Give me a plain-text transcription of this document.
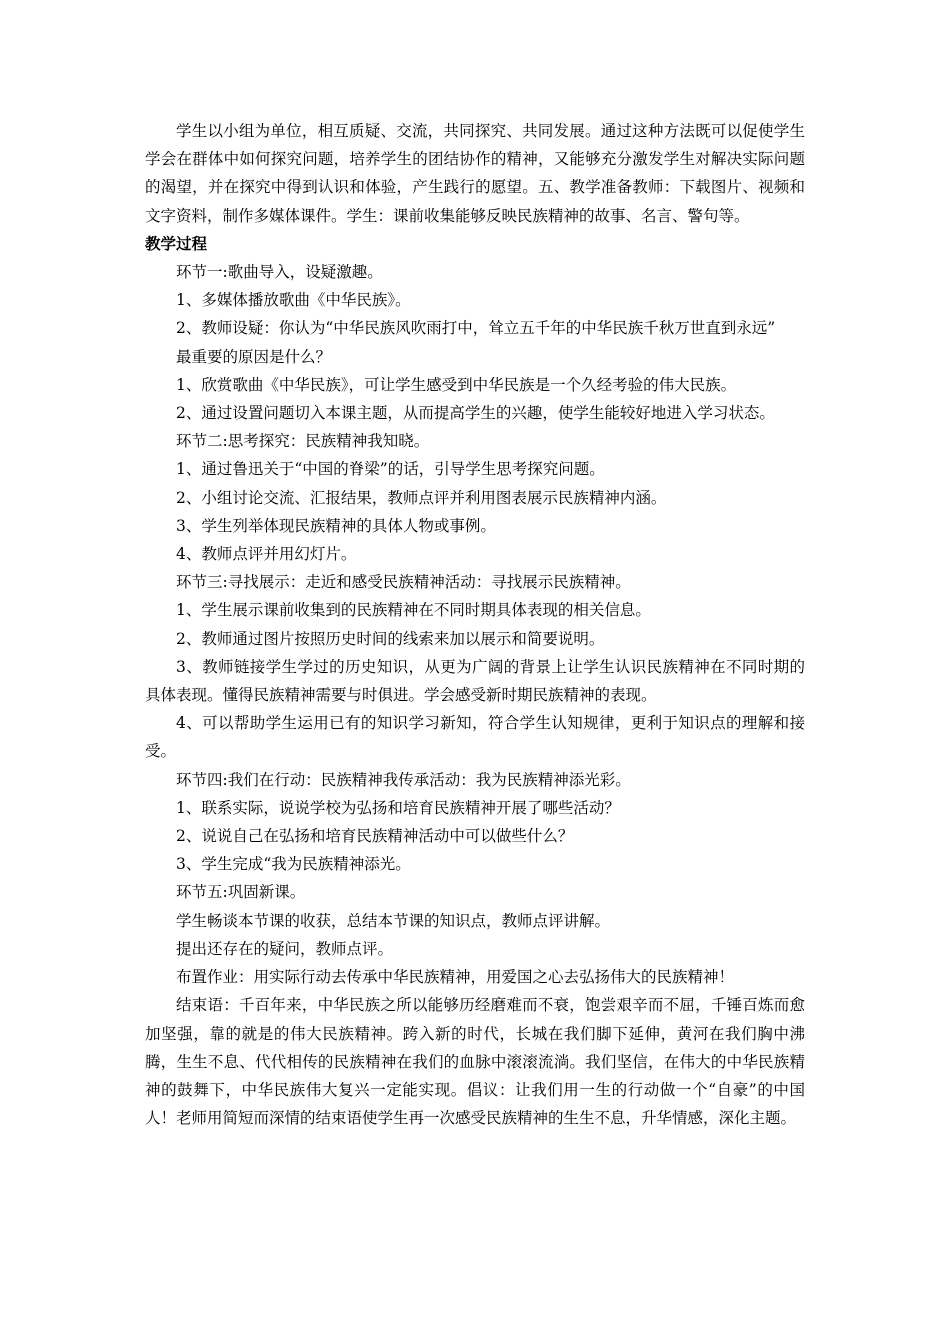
学生以小组为单位，相互质疑、交流，共同探究、共同发展。通过这种方法既可以促使学生学会在群体中如何探究问题，培养学生的团结协作的精神，又能够充分激发学生对解决实际问题的渴望，并在探究中得到认识和体验，产生践行的愿望。五、教学准备教师：下载图片、视频和文字资料，制作多媒体课件。学生：课前收集能够反映民族精神的故事、名言、警句等。

教学过程

环节一:歌曲导入，设疑激趣。

1、多媒体播放歌曲《中华民族》。

2、教师设疑：你认为“中华民族风吹雨打中，耸立五千年的中华民族千秋万世直到永远”

最重要的原因是什么？

1、欣赏歌曲《中华民族》，可让学生感受到中华民族是一个久经考验的伟大民族。

2、通过设置问题切入本课主题，从而提高学生的兴趣，使学生能较好地进入学习状态。

环节二:思考探究：民族精神我知晓。

1、通过鲁迅关于“中国的脊梁”的话，引导学生思考探究问题。

2、小组讨论交流、汇报结果，教师点评并利用图表展示民族精神内涵。

3、学生列举体现民族精神的具体人物或事例。

4、教师点评并用幻灯片。

环节三:寻找展示：走近和感受民族精神活动：寻找展示民族精神。

1、学生展示课前收集到的民族精神在不同时期具体表现的相关信息。

2、教师通过图片按照历史时间的线索来加以展示和简要说明。

3、教师链接学生学过的历史知识，从更为广阔的背景上让学生认识民族精神在不同时期的具体表现。懂得民族精神需要与时俱进。学会感受新时期民族精神的表现。

4、可以帮助学生运用已有的知识学习新知，符合学生认知规律，更利于知识点的理解和接受。

环节四:我们在行动：民族精神我传承活动：我为民族精神添光彩。

1、联系实际，说说学校为弘扬和培育民族精神开展了哪些活动？

2、说说自己在弘扬和培育民族精神活动中可以做些什么？

3、学生完成“我为民族精神添光。

环节五:巩固新课。

学生畅谈本节课的收获，总结本节课的知识点，教师点评讲解。

提出还存在的疑问，教师点评。

布置作业：用实际行动去传承中华民族精神，用爱国之心去弘扬伟大的民族精神！

结束语：千百年来，中华民族之所以能够历经磨难而不衰，饱尝艰辛而不屈，千锤百炼而愈加坚强，靠的就是的伟大民族精神。跨入新的时代，长城在我们脚下延伸，黄河在我们胸中沸腾，生生不息、代代相传的民族精神在我们的血脉中滚滚流淌。我们坚信，在伟大的中华民族精神的鼓舞下，中华民族伟大复兴一定能实现。倡议：让我们用一生的行动做一个“自豪”的中国人！老师用简短而深情的结束语使学生再一次感受民族精神的生生不息，升华情感，深化主题。
